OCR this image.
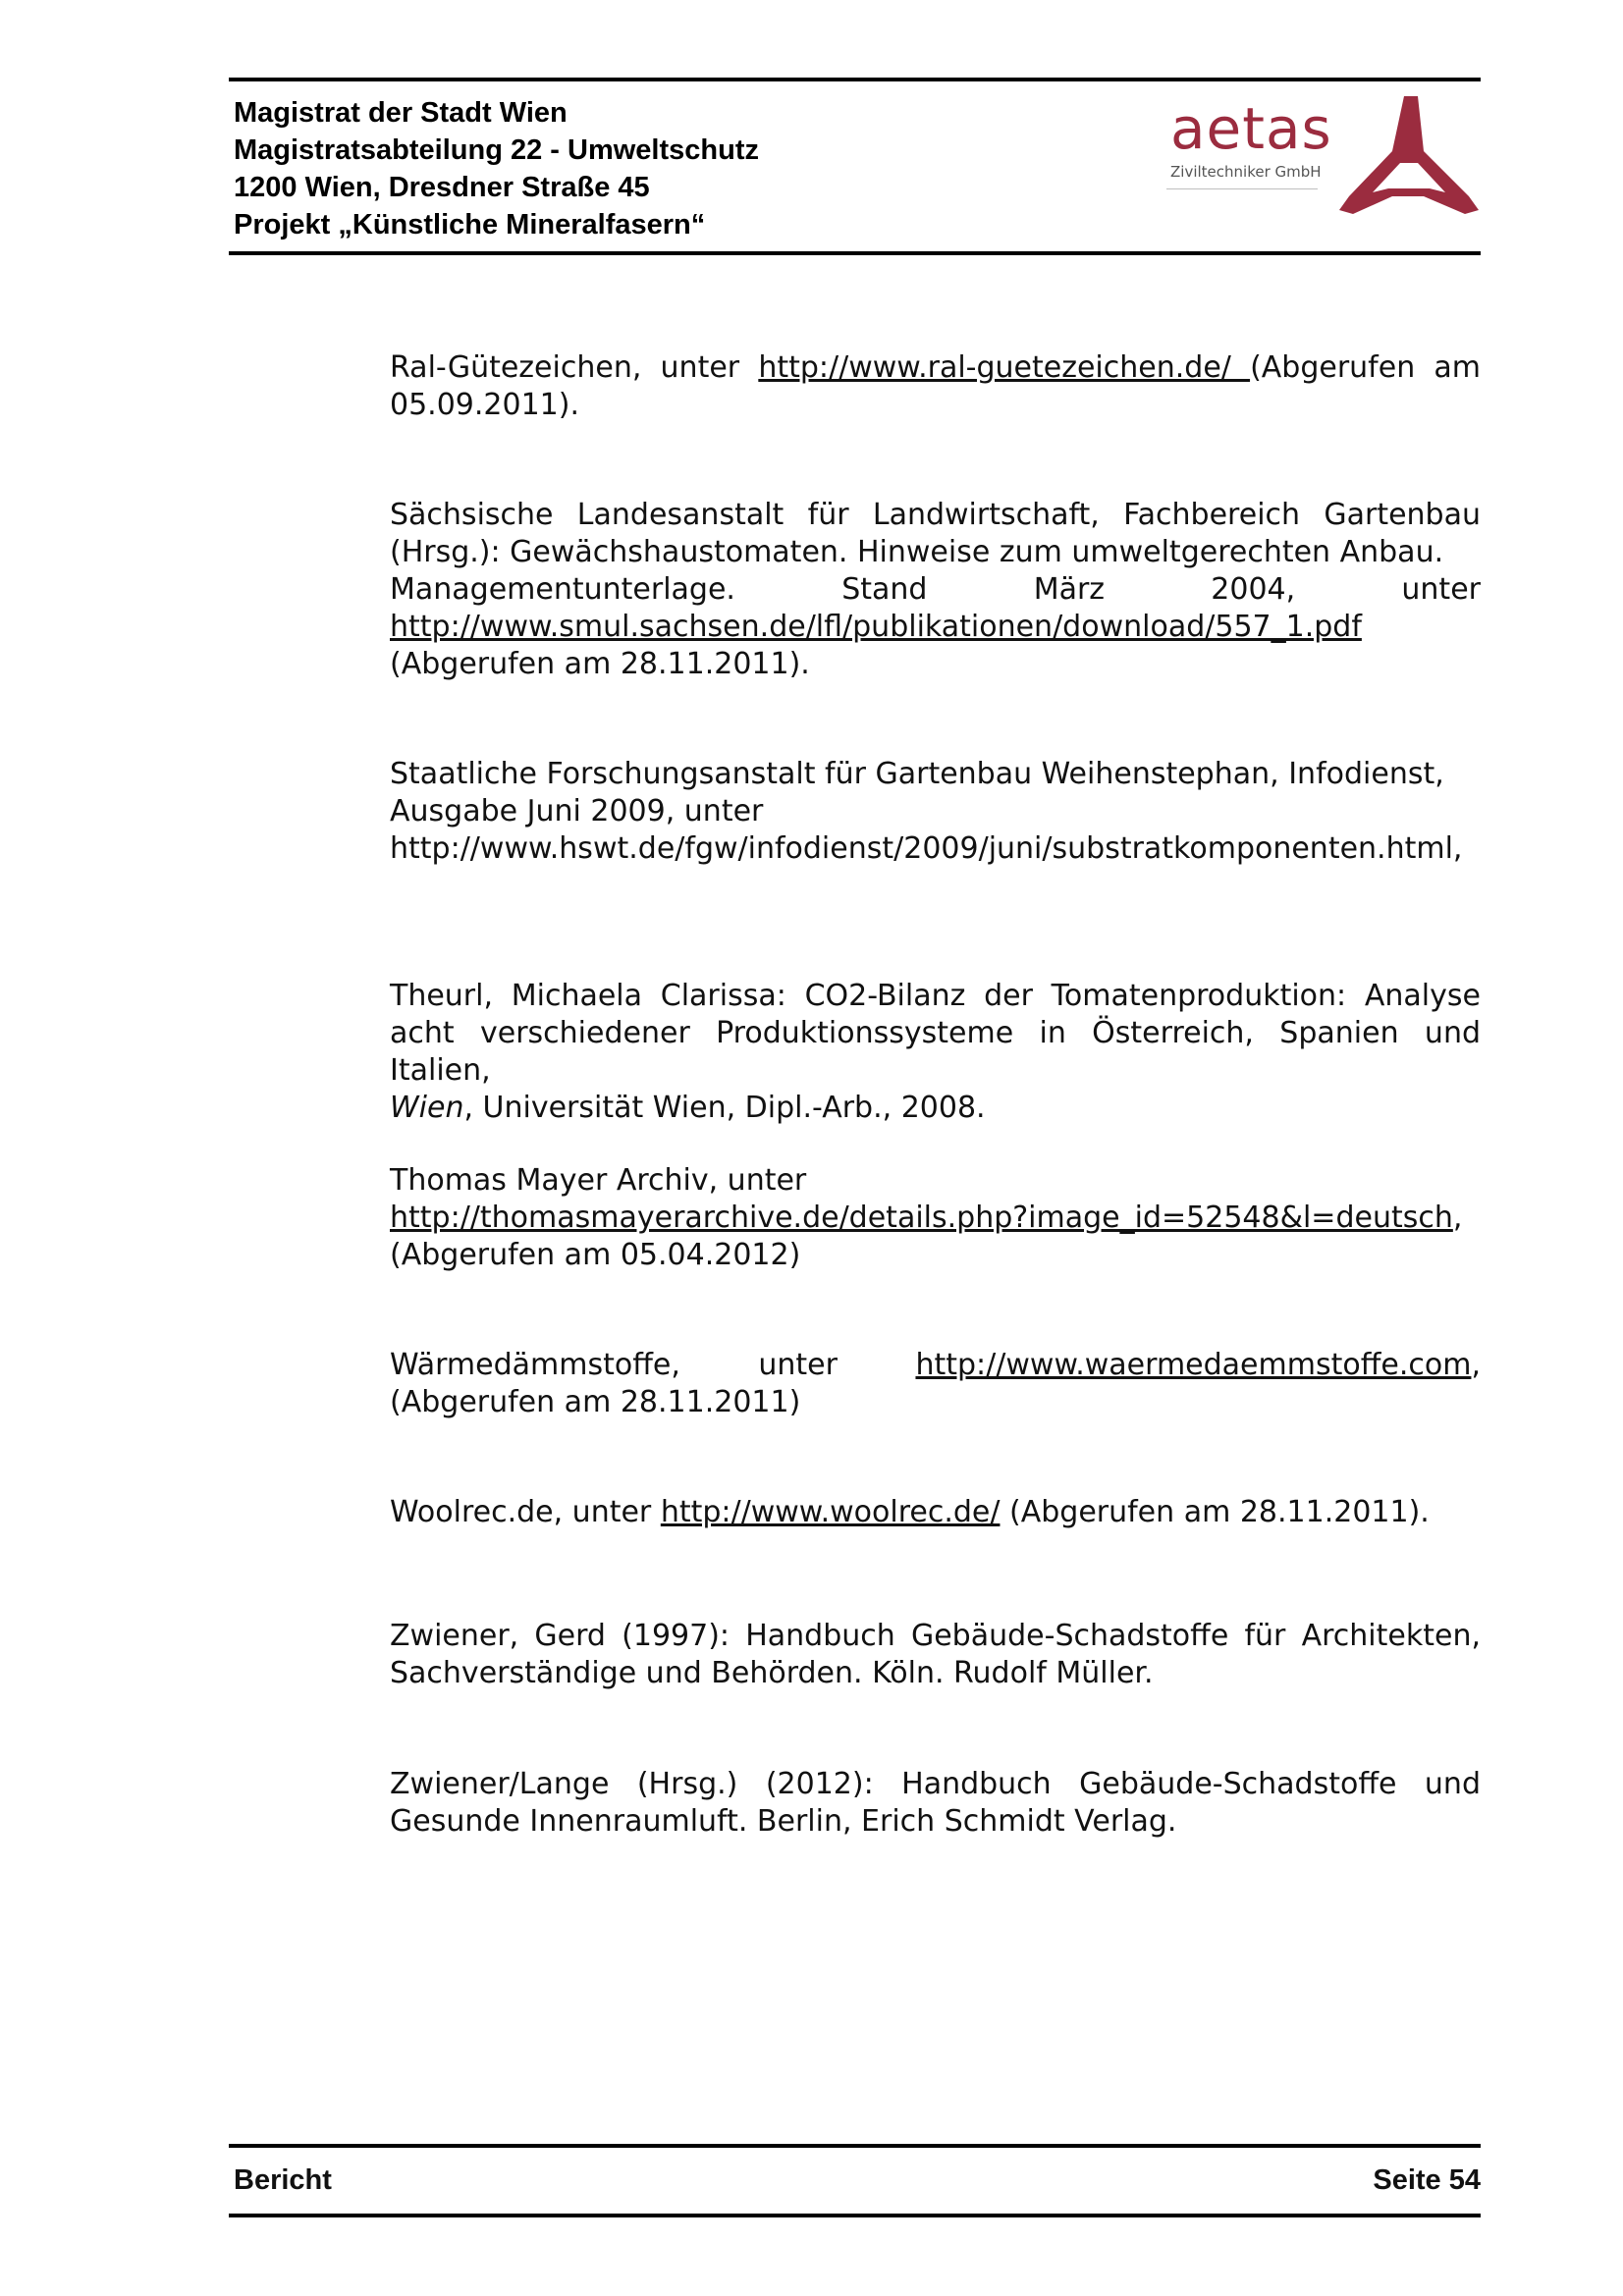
Magistrat der Stadt Wien
Magistratsabteilung 22 - Umweltschutz
1200 Wien, Dresdner Straße 45
Projekt „Künstliche Mineralfasern“
aetas
Ziviltechniker GmbH

Ral-Gütezeichen, unter http://www.ral-guetezeichen.de/ (Abgerufen am 05.09.2011).

Sächsische Landesanstalt für Landwirtschaft, Fachbereich Gartenbau (Hrsg.): Gewächshaustomaten. Hinweise zum umweltgerechten Anbau.
Managementunterlage.	Stand	März	2004,	unter
http://www.smul.sachsen.de/lfl/publikationen/download/557_1.pdf
(Abgerufen am 28.11.2011).
Staatliche Forschungsanstalt für Gartenbau Weihenstephan, Infodienst,
Ausgabe Juni 2009, unter
http://www.hswt.de/fgw/infodienst/2009/juni/substratkomponenten.html,
Theurl, Michaela Clarissa: CO2-Bilanz der Tomatenproduktion: Analyse acht verschiedener Produktionssysteme in Österreich, Spanien und Italien,
Wien, Universität Wien, Dipl.-Arb., 2008.
Thomas Mayer Archiv, unter
http://thomasmayerarchive.de/details.php?image_id=52548&l=deutsch,
(Abgerufen am 05.04.2012)
Wärmedämmstoffe,	unter	http://www.waermedaemmstoffe.com,
(Abgerufen am 28.11.2011)

Woolrec.de, unter http://www.woolrec.de/ (Abgerufen am 28.11.2011).

Zwiener, Gerd (1997): Handbuch Gebäude-Schadstoffe für Architekten, Sachverständige und Behörden. Köln. Rudolf Müller.

Zwiener/Lange (Hrsg.) (2012): Handbuch Gebäude-Schadstoffe und Gesunde Innenraumluft. Berlin, Erich Schmidt Verlag.

Bericht	Seite 54
